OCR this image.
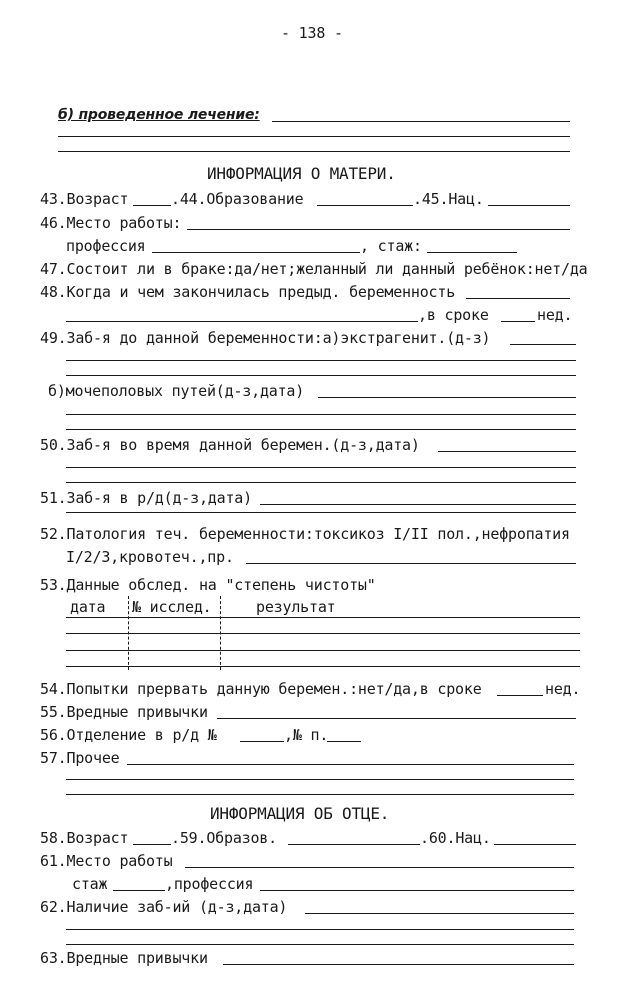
- 138 -
б) проведенное лечение:
ИНФОРМАЦИЯ О МАТЕРИ.
43.Возраст	.44.Образование	.45.Нац.
46.Место работы:
профессия	, стаж:
47.Состоит ли в браке:да/нет;желанный ли данный ребёнок:нет/да
48.Когда и чем закончилась предыд. беременность
,в сроке	нед.
49.Заб-я до данной беременности:а)экстрагенит.(д-з)
б)мочеполовых путей(д-з,дата)
50.Заб-я во время данной беремен.(д-з,дата)
51.Заб-я в р/д(д-з,дата)
52.Патология теч. беременности:токсикоз I/II пол.,нефропатия
I/2/3,кровотеч.,пр.
53.Данные обслед. на "степень чистоты"
дата № исслед.	результат
54.Попытки прервать данную беремен.:нет/да,в сроке	нед.
55.Вредные привычки
56.Отделение в р/д №	,№ п.
57.Прочее
ИНФОРМАЦИЯ ОБ ОТЦЕ.
58.Возраст	.59.Образов.	.60.Нац.
61.Место работы
стаж	,профессия
62.Наличие заб-ий (д-з,дата)
63.Вредные привычки
